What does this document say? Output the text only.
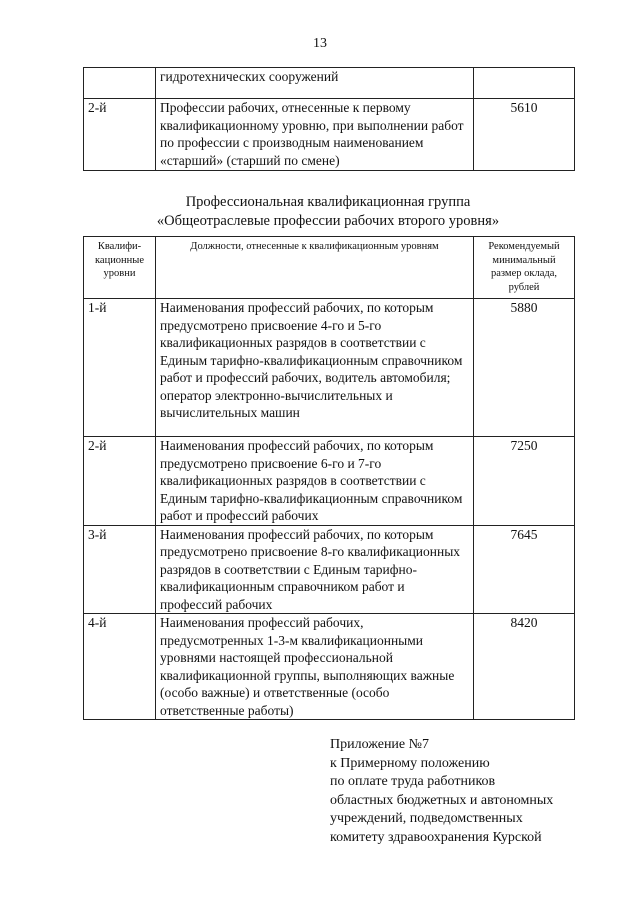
13
	гидротехнических сооружений	
2-й	Профессии рабочих, отнесенные к первому квалификационному уровню, при выполнении работ по профессии с производным наименованием «старший» (старший по смене)	5610
Профессиональная квалификационная группа
«Общеотраслевые профессии рабочих второго уровня»
Квалифи-кационные уровни	Должности, отнесенные к квалификационным уровням	Рекомендуемый минимальный размер оклада, рублей
1-й	Наименования профессий рабочих, по которым предусмотрено присвоение 4-го и 5-го квалификационных разрядов в соответствии с Единым тарифно-квалификационным справочником работ и профессий рабочих, водитель автомобиля; оператор электронно-вычислительных и вычислительных машин	5880
2-й	Наименования профессий рабочих, по которым предусмотрено присвоение 6-го и 7-го квалификационных разрядов в соответствии с Единым тарифно-квалификационным справочником работ и профессий рабочих	7250
3-й	Наименования профессий рабочих, по которым предусмотрено присвоение 8-го квалификационных разрядов в соответствии с Единым тарифно-квалификационным справочником работ и профессий рабочих	7645
4-й	Наименования профессий рабочих, предусмотренных 1-3-м квалификационными уровнями настоящей профессиональной квалификационной группы, выполняющих важные (особо важные) и ответственные (особо ответственные работы)	8420
Приложение №7
к Примерному положению
по оплате труда работников
областных бюджетных и автономных
учреждений, подведомственных
комитету здравоохранения Курской
